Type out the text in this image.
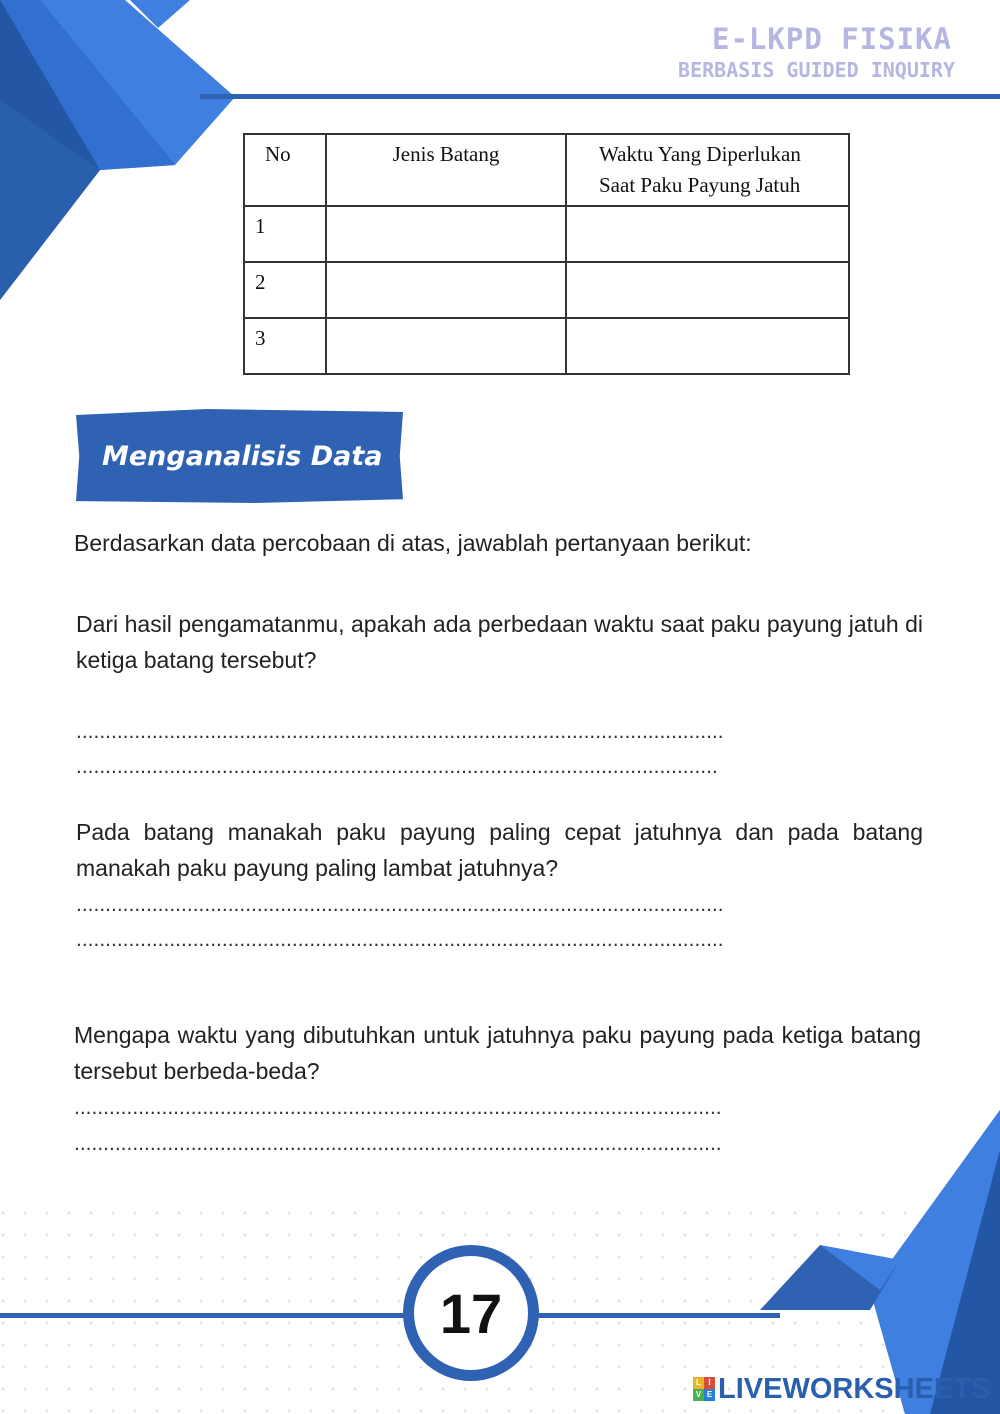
E-LKPD FISIKA
BERBASIS GUIDED INQUIRY
No	Jenis Batang	Waktu Yang Diperlukan Saat Paku Payung Jatuh
1		
2		
3		
Menganalisis Data
Berdasarkan data percobaan di atas, jawablah pertanyaan berikut:
Dari hasil pengamatanmu, apakah ada perbedaan waktu saat paku payung jatuh di ketiga batang tersebut?
...............................................................................................................
..............................................................................................................
Pada batang manakah paku payung paling cepat jatuhnya dan pada batang manakah paku payung paling lambat jatuhnya?
...............................................................................................................
...............................................................................................................
Mengapa waktu yang dibutuhkan untuk jatuhnya paku payung pada ketiga batang tersebut berbeda-beda?
...............................................................................................................
...............................................................................................................
17
L I
V E LIVEWORKSHEETS
